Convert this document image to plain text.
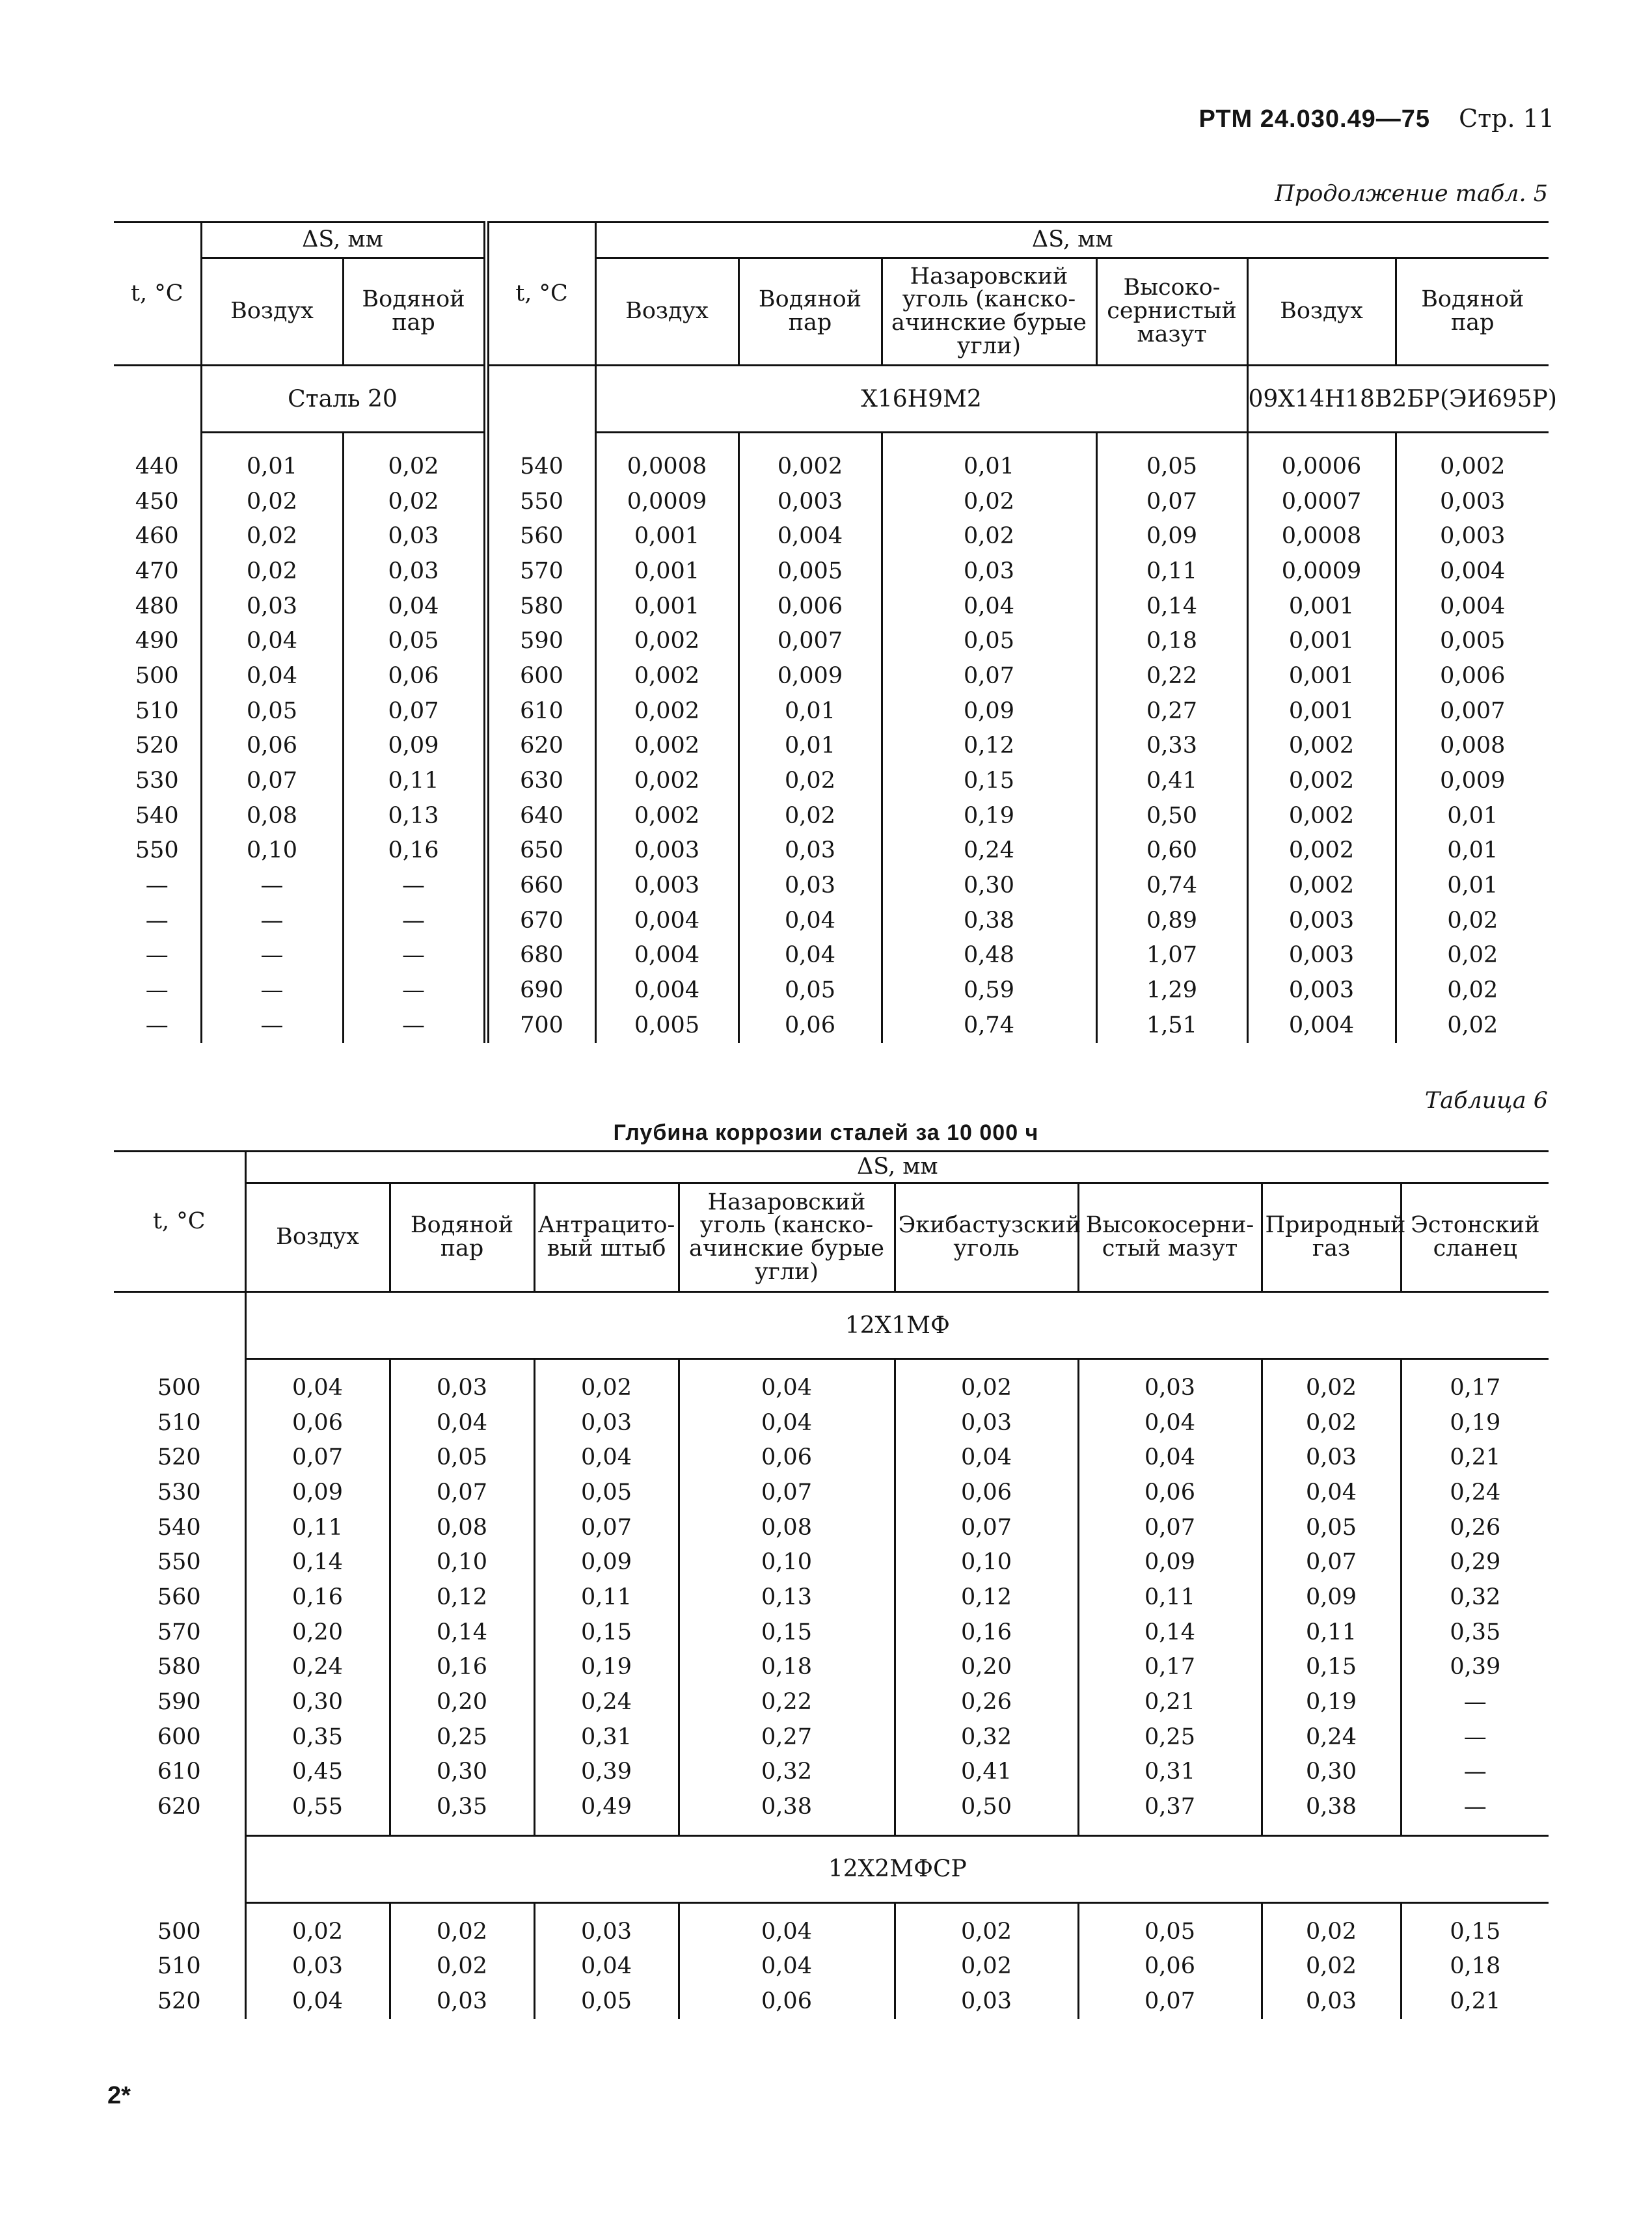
РТМ 24.030.49—75 Стр. 11
Продолжение табл. 5
t, °С	ΔS, мм		t, °С	ΔS, мм					
	Воздух	Водяной пар		Воздух	Водяной пар	Назаровский уголь (канско-ачинские бурые угли)	Высоко-сернистый мазут	Воздух	Водяной пар
	Сталь 20			Х16Н9М2				09Х14Н18В2БР(ЭИ695Р)	

440	0,01	0,02	540	0,0008	0,002	0,01	0,05	0,0006	0,002
450	0,02	0,02	550	0,0009	0,003	0,02	0,07	0,0007	0,003
460	0,02	0,03	560	0,001	0,004	0,02	0,09	0,0008	0,003
470	0,02	0,03	570	0,001	0,005	0,03	0,11	0,0009	0,004
480	0,03	0,04	580	0,001	0,006	0,04	0,14	0,001	0,004
490	0,04	0,05	590	0,002	0,007	0,05	0,18	0,001	0,005
500	0,04	0,06	600	0,002	0,009	0,07	0,22	0,001	0,006
510	0,05	0,07	610	0,002	0,01	0,09	0,27	0,001	0,007
520	0,06	0,09	620	0,002	0,01	0,12	0,33	0,002	0,008
530	0,07	0,11	630	0,002	0,02	0,15	0,41	0,002	0,009
540	0,08	0,13	640	0,002	0,02	0,19	0,50	0,002	0,01
550	0,10	0,16	650	0,003	0,03	0,24	0,60	0,002	0,01
—	—	—	660	0,003	0,03	0,30	0,74	0,002	0,01
—	—	—	670	0,004	0,04	0,38	0,89	0,003	0,02
—	—	—	680	0,004	0,04	0,48	1,07	0,003	0,02
—	—	—	690	0,004	0,05	0,59	1,29	0,003	0,02
—	—	—	700	0,005	0,06	0,74	1,51	0,004	0,02
Таблица 6
Глубина коррозии сталей за 10 000 ч
t, °С	ΔS, мм							
	Воздух	Водяной пар	Антрацито-вый штыб	Назаровский уголь (канско-ачинские бурые угли)	Экибастузский уголь	Высокосерни-стый мазут	Природный газ	Эстонский сланец
	12Х1МФ							

500	0,04	0,03	0,02	0,04	0,02	0,03	0,02	0,17
510	0,06	0,04	0,03	0,04	0,03	0,04	0,02	0,19
520	0,07	0,05	0,04	0,06	0,04	0,04	0,03	0,21
530	0,09	0,07	0,05	0,07	0,06	0,06	0,04	0,24
540	0,11	0,08	0,07	0,08	0,07	0,07	0,05	0,26
550	0,14	0,10	0,09	0,10	0,10	0,09	0,07	0,29
560	0,16	0,12	0,11	0,13	0,12	0,11	0,09	0,32
570	0,20	0,14	0,15	0,15	0,16	0,14	0,11	0,35
580	0,24	0,16	0,19	0,18	0,20	0,17	0,15	0,39
590	0,30	0,20	0,24	0,22	0,26	0,21	0,19	—
600	0,35	0,25	0,31	0,27	0,32	0,25	0,24	—
610	0,45	0,30	0,39	0,32	0,41	0,31	0,30	—
620	0,55	0,35	0,49	0,38	0,50	0,37	0,38	—

	12Х2МФСР							

500	0,02	0,02	0,03	0,04	0,02	0,05	0,02	0,15
510	0,03	0,02	0,04	0,04	0,02	0,06	0,02	0,18
520	0,04	0,03	0,05	0,06	0,03	0,07	0,03	0,21
2*
